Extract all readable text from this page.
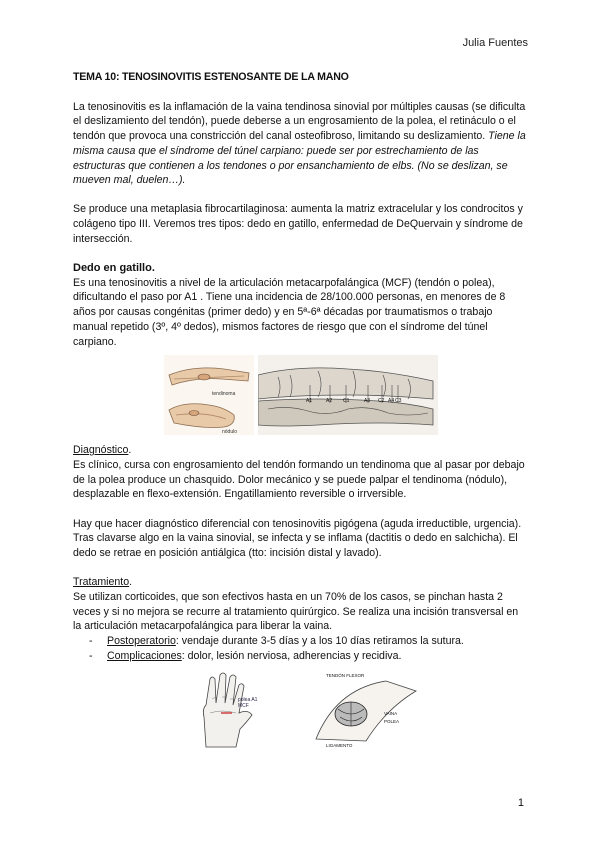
Julia Fuentes
TEMA 10: TENOSINOVITIS ESTENOSANTE DE LA MANO

La tenosinovitis es la inflamación de la vaina tendinosa sinovial por múltiples causas (se dificulta el deslizamiento del tendón), puede deberse a un engrosamiento de la polea, el retináculo o el tendón que provoca una constricción del canal osteofibroso, limitando su deslizamiento. Tiene la misma causa que el síndrome del túnel carpiano: puede ser por estrechamiento de las estructuras que contienen a los tendones o por ensanchamiento de elbs. (No se deslizan, se mueven mal, duelen…).

Se produce una metaplasia fibrocartilaginosa: aumenta la matriz extracelular y los condrocitos y colágeno tipo III. Veremos tres tipos: dedo en gatillo, enfermedad de DeQuervain y síndrome de intersección.

Dedo en gatillo.

Es una tenosinovitis a nivel de la articulación metacarpofalángica (MCF) (tendón o polea), dificultando el paso por A1 . Tiene una incidencia de 28/100.000 personas, en menores de 8 años por causas congénitas (primer dedo) y en 5ª-6ª décadas por traumatismos o trabajo manual repetido (3º, 4º dedos), mismos factores de riesgo que con el síndrome del túnel carpiano.

tendinoma
nódulo
A1	A2 C1	A3 C2 A4 C3
Diagnóstico.

Es clínico, cursa con engrosamiento del tendón formando un tendinoma que al pasar por debajo de la polea produce un chasquido. Dolor mecánico y se puede palpar el tendinoma (nódulo), desplazable en flexo-extensión. Engatillamiento reversible o irrversible.

Hay que hacer diagnóstico diferencial con tenosinovitis pigógena (aguda irreductible, urgencia). Tras clavarse algo en la vaina sinovial, se infecta y se inflama (dactitis o dedo en salchicha). El dedo se retrae en posición antiálgica (tto: incisión distal y lavado).

Tratamiento.
Se utilizan corticoides, que son efectivos hasta en un 70% de los casos, se pinchan hasta 2 veces y si no mejora se recurre al tratamiento quirúrgico. Se realiza una incisión transversal en la articulación metacarpofalángica para liberar la vaina.
- Postoperatorio: vendaje durante 3-5 días y a los 10 días retiramos la sutura.
- Complicaciones: dolor, lesión nerviosa, adherencias y recidiva.
polea A1
MCF
TENDÓN FLEXOR
VAINA
POLEA
LIGAMENTO
1
